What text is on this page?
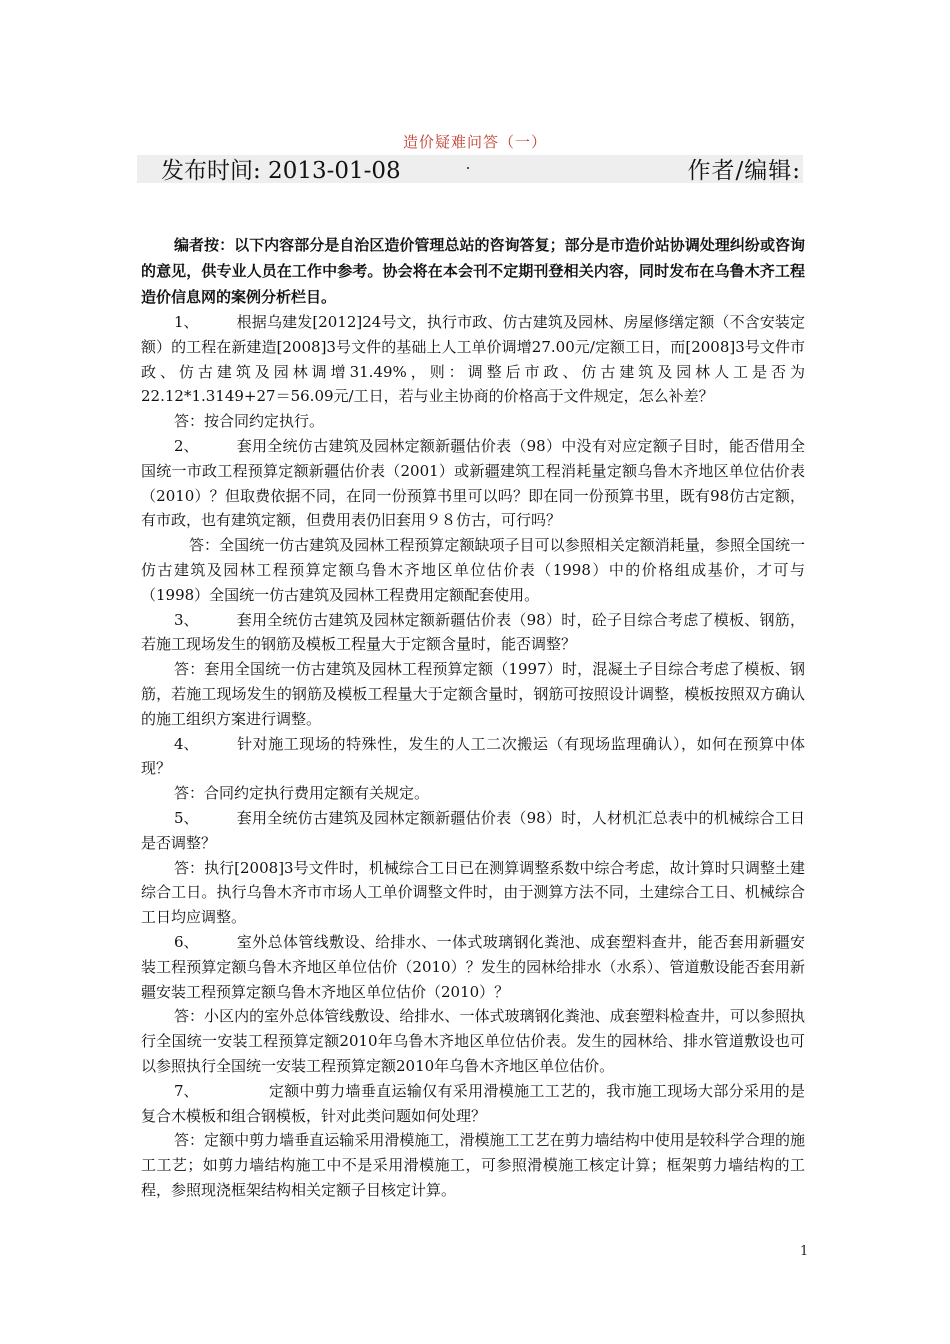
造价疑难问答（一）
发布时间: 2013-01-08	作者/编辑:

编者按：以下内容部分是自治区造价管理总站的咨询答复；部分是市造价站协调处理纠纷或咨询的意见，供专业人员在工作中参考。协会将在本会刊不定期刊登相关内容，同时发布在乌鲁木齐工程造价信息网的案例分析栏目。

1、	根据乌建发[2012]24号文，执行市政、仿古建筑及园林、房屋修缮定额（不含安装定额）的工程在新建造[2008]3号文件的基础上人工单价调增27.00元/定额工日，而[2008]3号文件市政、仿古建筑及园林调增31.49%，则：调整后市政、仿古建筑及园林人工是否为22.12*1.3149+27＝56.09元/工日，若与业主协商的价格高于文件规定，怎么补差？

答：按合同约定执行。

2、	套用全统仿古建筑及园林定额新疆估价表（98）中没有对应定额子目时，能否借用全国统一市政工程预算定额新疆估价表（2001）或新疆建筑工程消耗量定额乌鲁木齐地区单位估价表（2010）？但取费依据不同，在同一份预算书里可以吗？即在同一份预算书里，既有98仿古定额，有市政，也有建筑定额，但费用表仍旧套用９８仿古，可行吗？

答：全国统一仿古建筑及园林工程预算定额缺项子目可以参照相关定额消耗量，参照全国统一仿古建筑及园林工程预算定额乌鲁木齐地区单位估价表（1998）中的价格组成基价，才可与（1998）全国统一仿古建筑及园林工程费用定额配套使用。

3、	套用全统仿古建筑及园林定额新疆估价表（98）时，砼子目综合考虑了模板、钢筋，若施工现场发生的钢筋及模板工程量大于定额含量时，能否调整？

答：套用全国统一仿古建筑及园林工程预算定额（1997）时，混凝土子目综合考虑了模板、钢筋，若施工现场发生的钢筋及模板工程量大于定额含量时，钢筋可按照设计调整，模板按照双方确认的施工组织方案进行调整。

4、	针对施工现场的特殊性，发生的人工二次搬运（有现场监理确认），如何在预算中体现？

答：合同约定执行费用定额有关规定。

5、	套用全统仿古建筑及园林定额新疆估价表（98）时，人材机汇总表中的机械综合工日是否调整？

答：执行[2008]3号文件时，机械综合工日已在测算调整系数中综合考虑，故计算时只调整土建综合工日。执行乌鲁木齐市市场人工单价调整文件时，由于测算方法不同，土建综合工日、机械综合工日均应调整。

6、	室外总体管线敷设、给排水、一体式玻璃钢化粪池、成套塑料查井，能否套用新疆安装工程预算定额乌鲁木齐地区单位估价（2010）？发生的园林给排水（水系）、管道敷设能否套用新疆安装工程预算定额乌鲁木齐地区单位估价（2010）？

答：小区内的室外总体管线敷设、给排水、一体式玻璃钢化粪池、成套塑料检查井，可以参照执行全国统一安装工程预算定额2010年乌鲁木齐地区单位估价表。发生的园林给、排水管道敷设也可以参照执行全国统一安装工程预算定额2010年乌鲁木齐地区单位估价。

7、	定额中剪力墙垂直运输仅有采用滑模施工工艺的，我市施工现场大部分采用的是复合木模板和组合钢模板，针对此类问题如何处理？

答：定额中剪力墙垂直运输采用滑模施工，滑模施工工艺在剪力墙结构中使用是较科学合理的施工工艺；如剪力墙结构施工中不是采用滑模施工，可参照滑模施工核定计算；框架剪力墙结构的工程，参照现浇框架结构相关定额子目核定计算。

1
